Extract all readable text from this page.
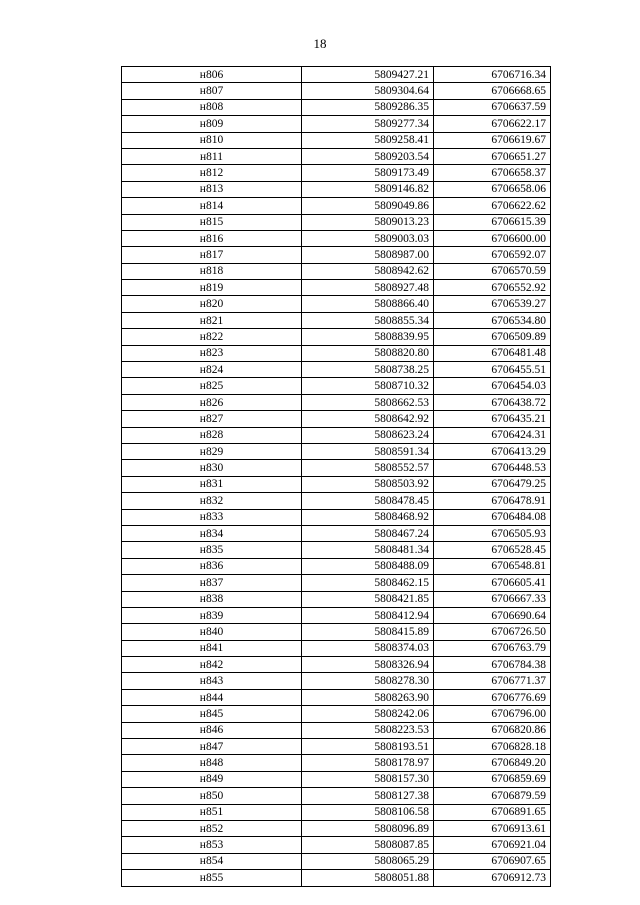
18
н806	5809427.21	6706716.34
н807	5809304.64	6706668.65
н808	5809286.35	6706637.59
н809	5809277.34	6706622.17
н810	5809258.41	6706619.67
н811	5809203.54	6706651.27
н812	5809173.49	6706658.37
н813	5809146.82	6706658.06
н814	5809049.86	6706622.62
н815	5809013.23	6706615.39
н816	5809003.03	6706600.00
н817	5808987.00	6706592.07
н818	5808942.62	6706570.59
н819	5808927.48	6706552.92
н820	5808866.40	6706539.27
н821	5808855.34	6706534.80
н822	5808839.95	6706509.89
н823	5808820.80	6706481.48
н824	5808738.25	6706455.51
н825	5808710.32	6706454.03
н826	5808662.53	6706438.72
н827	5808642.92	6706435.21
н828	5808623.24	6706424.31
н829	5808591.34	6706413.29
н830	5808552.57	6706448.53
н831	5808503.92	6706479.25
н832	5808478.45	6706478.91
н833	5808468.92	6706484.08
н834	5808467.24	6706505.93
н835	5808481.34	6706528.45
н836	5808488.09	6706548.81
н837	5808462.15	6706605.41
н838	5808421.85	6706667.33
н839	5808412.94	6706690.64
н840	5808415.89	6706726.50
н841	5808374.03	6706763.79
н842	5808326.94	6706784.38
н843	5808278.30	6706771.37
н844	5808263.90	6706776.69
н845	5808242.06	6706796.00
н846	5808223.53	6706820.86
н847	5808193.51	6706828.18
н848	5808178.97	6706849.20
н849	5808157.30	6706859.69
н850	5808127.38	6706879.59
н851	5808106.58	6706891.65
н852	5808096.89	6706913.61
н853	5808087.85	6706921.04
н854	5808065.29	6706907.65
н855	5808051.88	6706912.73
